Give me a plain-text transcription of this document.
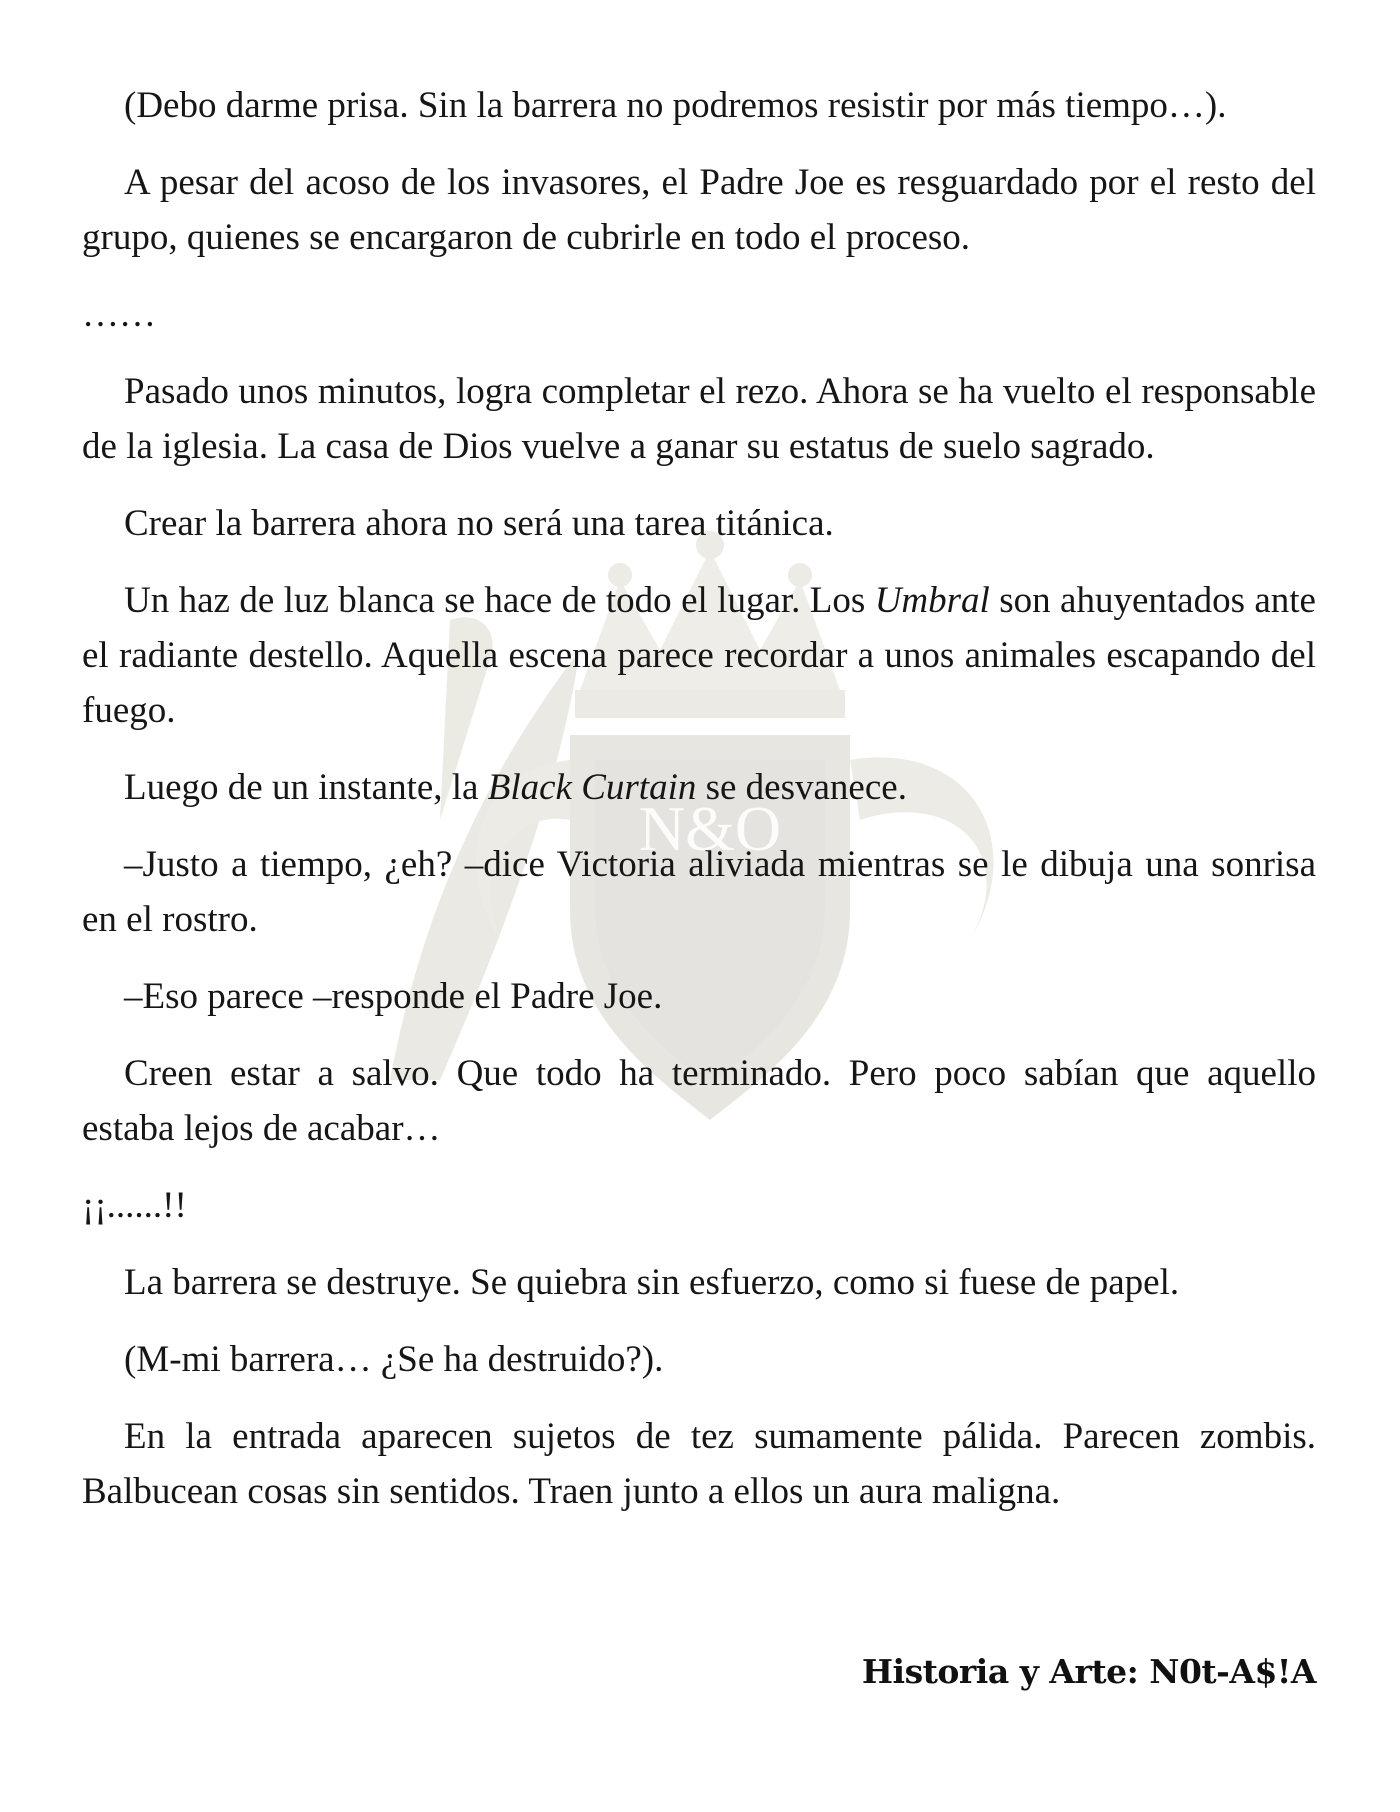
N&O

(Debo darme prisa. Sin la barrera no podremos resistir por más tiempo…).

A pesar del acoso de los invasores, el Padre Joe es resguardado por el resto del grupo, quienes se encargaron de cubrirle en todo el proceso.

……

Pasado unos minutos, logra completar el rezo. Ahora se ha vuelto el responsable de la iglesia. La casa de Dios vuelve a ganar su estatus de suelo sagrado.

Crear la barrera ahora no será una tarea titánica.

Un haz de luz blanca se hace de todo el lugar. Los Umbral son ahuyentados ante el radiante destello. Aquella escena parece recordar a unos animales escapando del fuego.

Luego de un instante, la Black Curtain se desvanece.

–Justo a tiempo, ¿eh? –dice Victoria aliviada mientras se le dibuja una sonrisa en el rostro.

–Eso parece –responde el Padre Joe.

Creen estar a salvo. Que todo ha terminado. Pero poco sabían que aquello estaba lejos de acabar…

¡¡......!!

La barrera se destruye. Se quiebra sin esfuerzo, como si fuese de papel.

(M-mi barrera… ¿Se ha destruido?).

En la entrada aparecen sujetos de tez sumamente pálida. Parecen zombis. Balbucean cosas sin sentidos. Traen junto a ellos un aura maligna.

Historia y Arte: N0t-A$!A
